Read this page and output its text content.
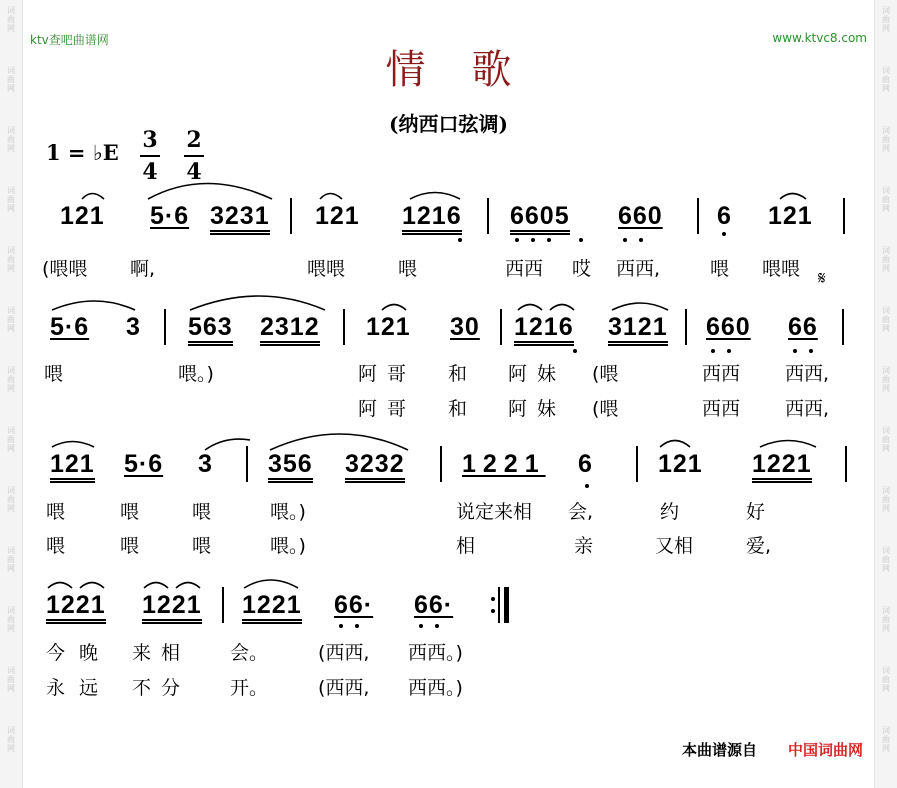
词
曲
网
词
曲
网
词
曲
网
词
曲
网
词
曲
网
词
曲
网
词
曲
网
词
曲
网
词
曲
网
词
曲
网
词
曲
网
词
曲
网
词
曲
网
词
曲
网
词
曲
网
词
曲
网
词
曲
网
词
曲
网
词
曲
网
词
曲
网
词
曲
网
词
曲
网
词
曲
网
词
曲
网
词
曲
网
词
曲
网
ktv查吧曲谱网	www.ktvc8.com
情歌
(纳西口弦调)
1 = ♭E 3
4
2
4
121 5·6 3231 121 1216 6605 660 6 121
(喂喂 啊,	喂喂	喂	西西 哎 西西,	喂 喂喂 𝄋
5·6 3 563 2312 121 30 1216 3121 660 66
喂	喂。)	阿哥 和 阿妹 (喂	西西 西西,
阿哥 和 阿妹 (喂	西西 西西,
121 5·6 3 356 3232 1221 6	121 1221
喂	喂	喂	喂。)	说定来相 会,	约	好
喂	喂	喂	喂。)	相	亲	又相	爱,
1221 1221 1221 66· 66·
今晚 来相 会。	(西西, 西西。)
永远 不分 开。	(西西, 西西。)
本曲谱源自 中国词曲网
